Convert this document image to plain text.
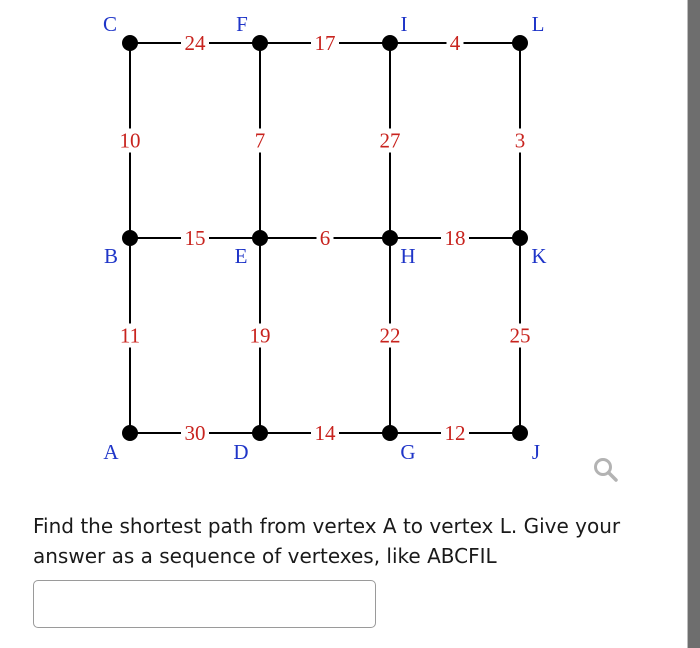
24	17	4
10	7	27	3
15	6	18
11	19	22	25
30	14	12
A
B
C
D
E
F
G
H
I
J
K
L

Find the shortest path from vertex A to vertex L. Give your answer as a sequence of vertexes, like ABCFIL
